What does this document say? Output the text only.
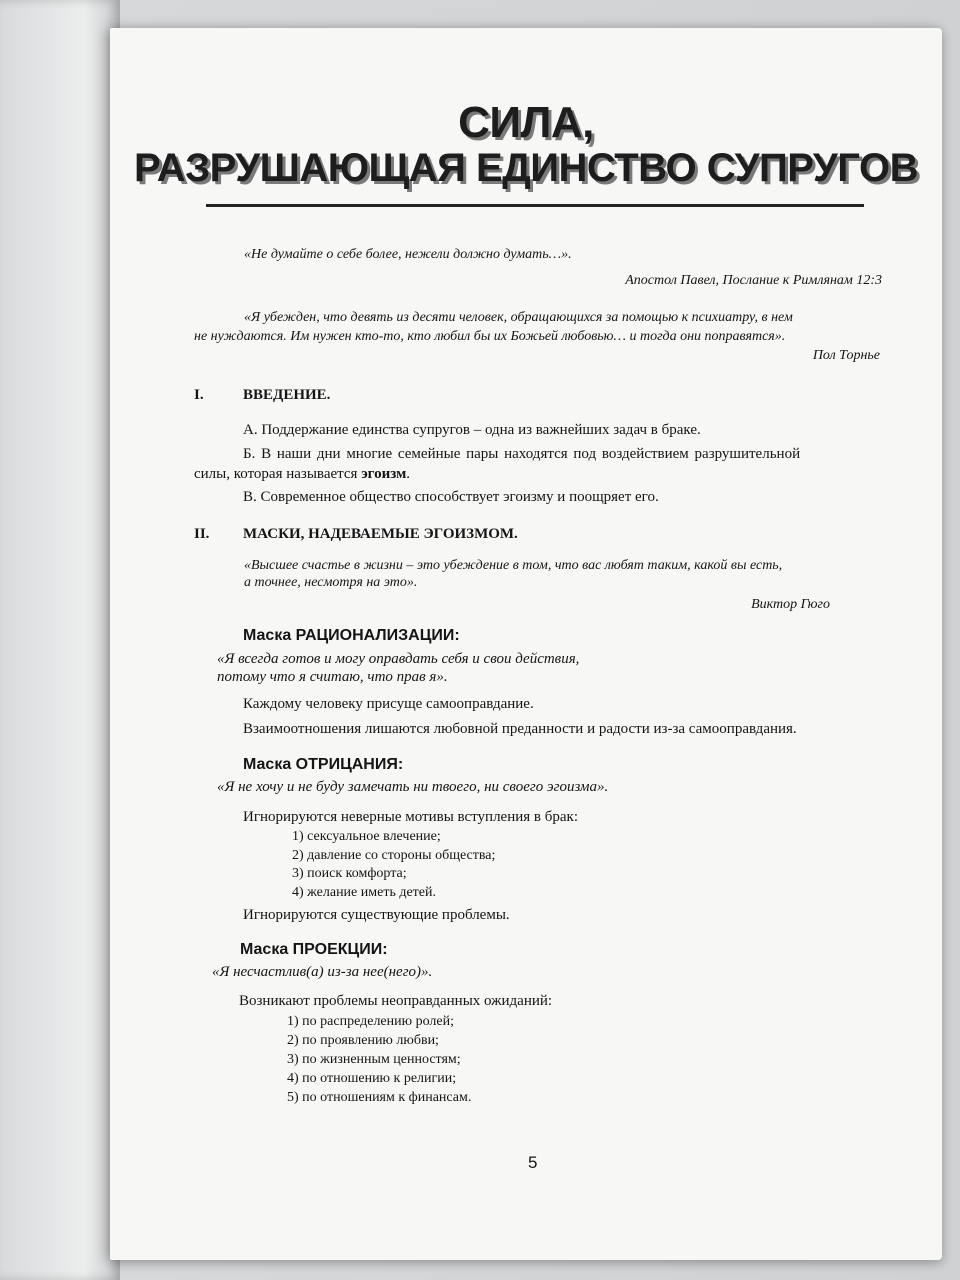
СИЛА,
РАЗРУШАЮЩАЯ ЕДИНСТВО СУПРУГОВ
«Не думайте о себе более, нежели должно думать…».
Апостол Павел, Послание к Римлянам 12:3
«Я убежден, что девять из десяти человек, обращающихся за помощью к психиатру, в нем
не нуждаются. Им нужен кто-то, кто любил бы их Божьей любовью… и тогда они поправятся».
Пол Торнье
I.	ВВЕДЕНИЕ.
А. Поддержание единства супругов – одна из важнейших задач в браке.
Б. В наши дни многие семейные пары находятся под воздействием разрушительной
силы, которая называется эгоизм.
В. Современное общество способствует эгоизму и поощряет его.
II. МАСКИ, НАДЕВАЕМЫЕ ЭГОИЗМОМ.
«Высшее счастье в жизни – это убеждение в том, что вас любят таким, какой вы есть,
а точнее, несмотря на это».
Виктор Гюго
Маска РАЦИОНАЛИЗАЦИИ:
«Я всегда готов и могу оправдать себя и свои действия,
потому что я считаю, что прав я».
Каждому человеку присуще самооправдание.
Взаимоотношения лишаются любовной преданности и радости из-за самооправдания.
Маска ОТРИЦАНИЯ:
«Я не хочу и не буду замечать ни твоего, ни своего эгоизма».
Игнорируются неверные мотивы вступления в брак:
1) сексуальное влечение;
2) давление со стороны общества;
3) поиск комфорта;
4) желание иметь детей.
Игнорируются существующие проблемы.
Маска ПРОЕКЦИИ:
«Я несчастлив(а) из-за нее(него)».
Возникают проблемы неоправданных ожиданий:
1) по распределению ролей;
2) по проявлению любви;
3) по жизненным ценностям;
4) по отношению к религии;
5) по отношениям к финансам.
5
